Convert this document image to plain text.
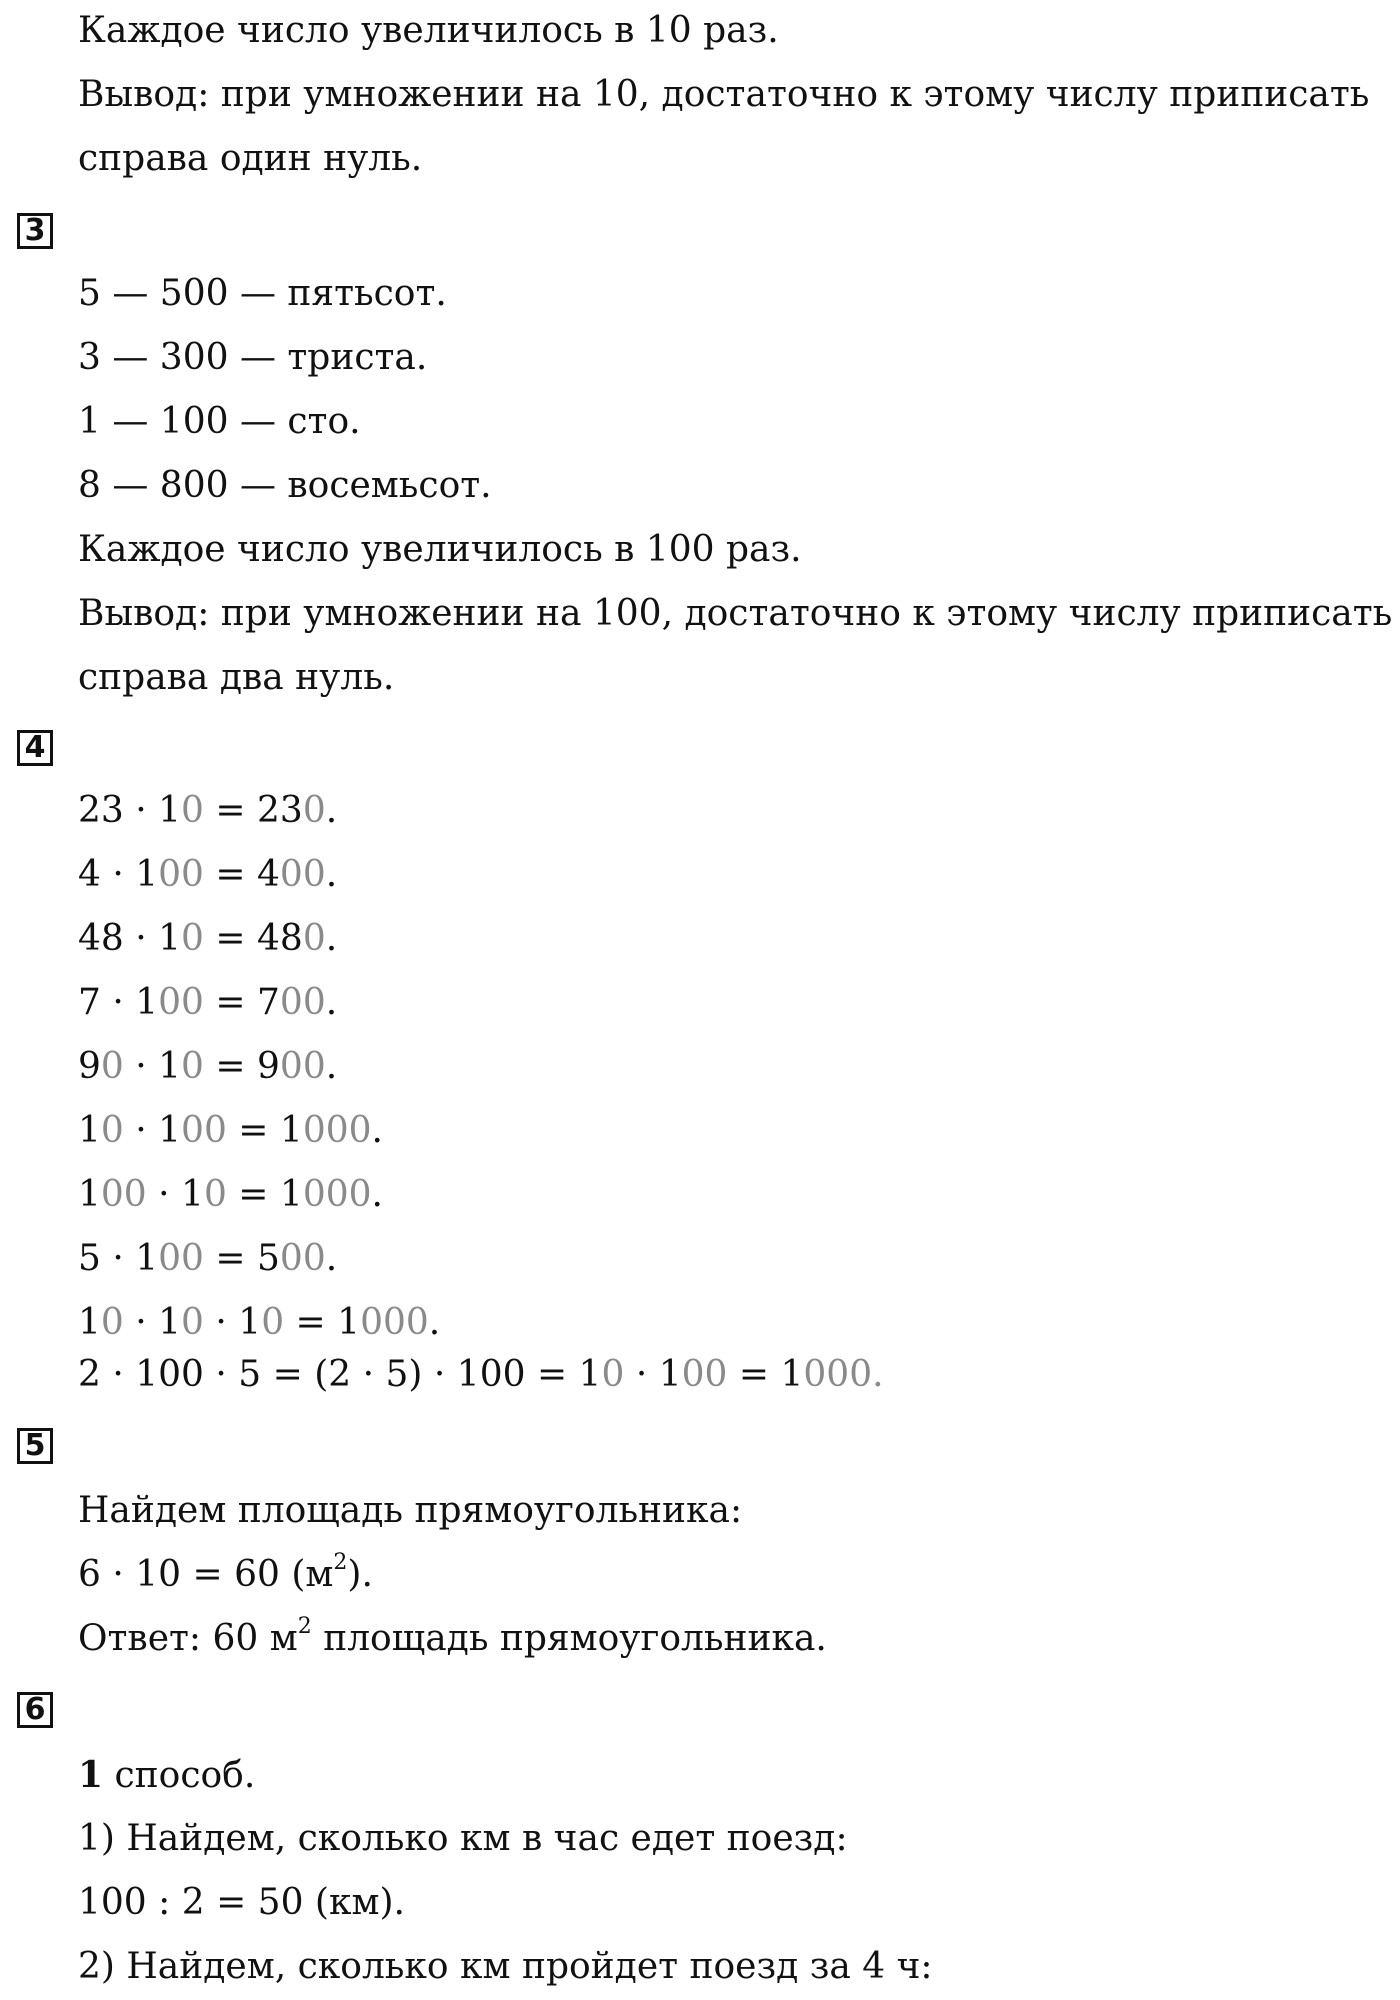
Каждое число увеличилось в 10 раз.
Вывод: при умножении на 10, достаточно к этому числу приписать
справа один нуль.
3
5 — 500 — пятьсот.
3 — 300 — триста.
1 — 100 — сто.
8 — 800 — восемьсот.
Каждое число увеличилось в 100 раз.
Вывод: при умножении на 100, достаточно к этому числу приписать
справа два нуль.
4
23 · 10 = 230.
4 · 100 = 400.
48 · 10 = 480.
7 · 100 = 700.
90 · 10 = 900.
10 · 100 = 1000.
100 · 10 = 1000.
5 · 100 = 500.
10 · 10 · 10 = 1000.
2 · 100 · 5 = (2 · 5) · 100 = 10 · 100 = 1000.
5
Найдем площадь прямоугольника:
6 · 10 = 60 $(м^2)$.
Ответ: 60 $м^2$ площадь прямоугольника.
6
1 способ.
1) Найдем, сколько км в час едет поезд:
100 : 2 = 50 (км).
2) Найдем, сколько км пройдет поезд за 4 ч:
